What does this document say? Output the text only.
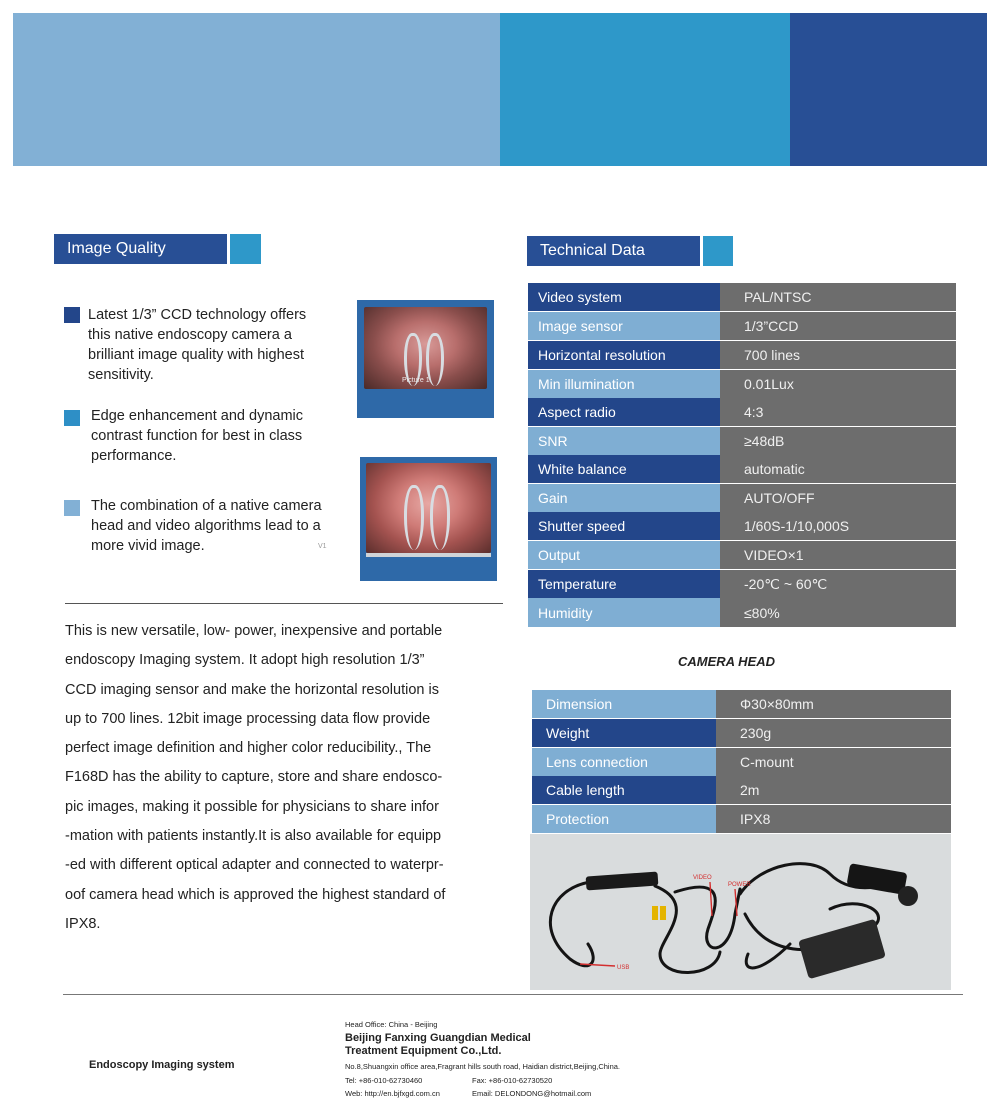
Image Quality
Latest 1/3” CCD technology offers
this native endoscopy camera a
brilliant image quality with highest
sensitivity.
Edge enhancement and dynamic
contrast function for best in class
performance.
The combination of a native camera
head and video algorithms lead to a
more vivid image.
Picture 1
V1
This is new versatile, low- power, inexpensive and portable
endoscopy Imaging system. It adopt high resolution 1/3”
CCD imaging sensor and make the horizontal resolution is
up to 700 lines. 12bit image processing data flow provide
perfect image definition and higher color reducibility., The
F168D has the ability to capture, store and share endosco-
pic images, making it possible for physicians to share infor
-mation with patients instantly.It is also available for equipp
-ed with different optical adapter and connected to waterpr-
oof camera head which is approved the highest standard of
IPX8.
Technical Data
Video system	PAL/NTSC
Image sensor	1/3”CCD
Horizontal resolution	700 lines
Min illumination	0.01Lux
Aspect radio	4:3
SNR	≥48dB
White balance	automatic
Gain	AUTO/OFF
Shutter speed	1/60S-1/10,000S
Output	VIDEO×1
Temperature	-20℃ ~ 60℃
Humidity	≤80%
CAMERA HEAD
Dimension	Φ30×80mm
Weight	230g
Lens connection	C-mount
Cable length	2m
Protection	IPX8
VIDEO
POWER
USB
Endoscopy Imaging system
Head Office: China - Beijing
Beijing Fanxing Guangdian Medical
Treatment Equipment Co.,Ltd.
No.8,Shuangxin office area,Fragrant hills south road, Haidian district,Beijing,China.
Tel: +86-010-62730460	Fax: +86-010-62730520
Web: http://en.bjfxgd.com.cn	Email: DELONDONG@hotmail.com
